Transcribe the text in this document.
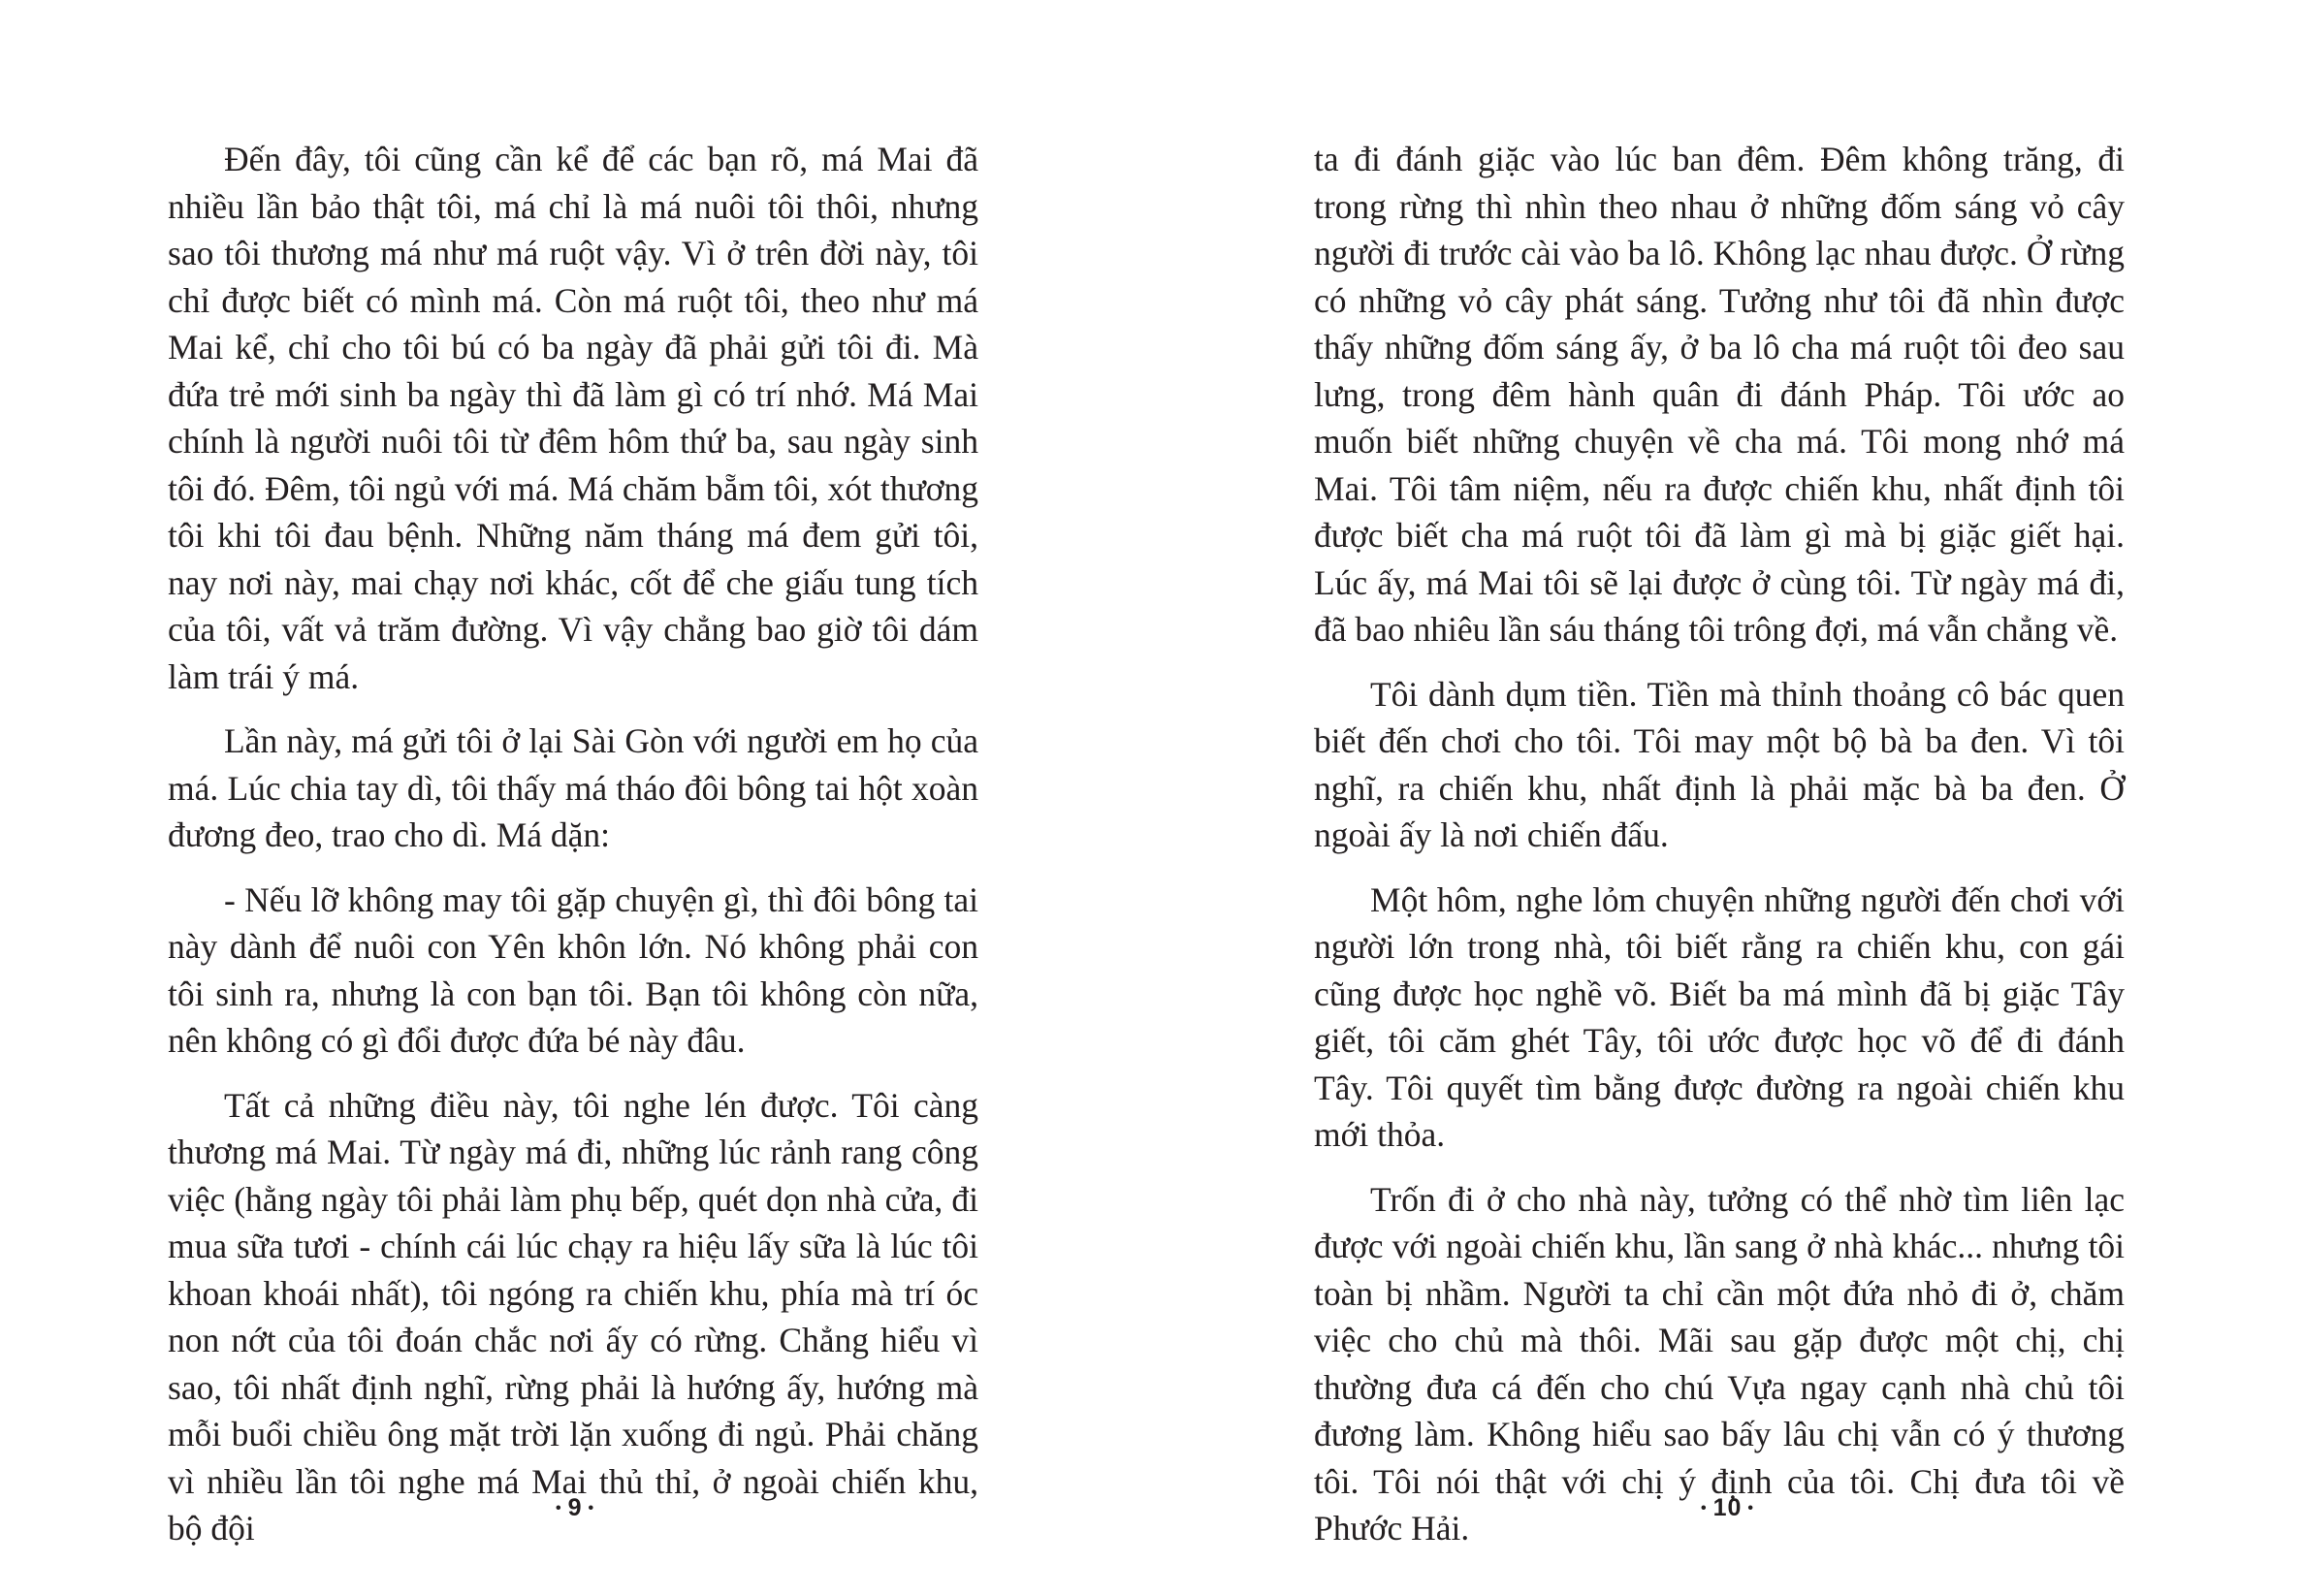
Đến đây, tôi cũng cần kể để các bạn rõ, má Mai đã nhiều lần bảo thật tôi, má chỉ là má nuôi tôi thôi, nhưng sao tôi thương má như má ruột vậy. Vì ở trên đời này, tôi chỉ được biết có mình má. Còn má ruột tôi, theo như má Mai kể, chỉ cho tôi bú có ba ngày đã phải gửi tôi đi. Mà đứa trẻ mới sinh ba ngày thì đã làm gì có trí nhớ. Má Mai chính là người nuôi tôi từ đêm hôm thứ ba, sau ngày sinh tôi đó. Đêm, tôi ngủ với má. Má chăm bẵm tôi, xót thương tôi khi tôi đau bệnh. Những năm tháng má đem gửi tôi, nay nơi này, mai chạy nơi khác, cốt để che giấu tung tích của tôi, vất vả trăm đường. Vì vậy chẳng bao giờ tôi dám làm trái ý má.

Lần này, má gửi tôi ở lại Sài Gòn với người em họ của má. Lúc chia tay dì, tôi thấy má tháo đôi bông tai hột xoàn đương đeo, trao cho dì. Má dặn:

- Nếu lỡ không may tôi gặp chuyện gì, thì đôi bông tai này dành để nuôi con Yên khôn lớn. Nó không phải con tôi sinh ra, nhưng là con bạn tôi. Bạn tôi không còn nữa, nên không có gì đổi được đứa bé này đâu.

Tất cả những điều này, tôi nghe lén được. Tôi càng thương má Mai. Từ ngày má đi, những lúc rảnh rang công việc (hằng ngày tôi phải làm phụ bếp, quét dọn nhà cửa, đi mua sữa tươi - chính cái lúc chạy ra hiệu lấy sữa là lúc tôi khoan khoái nhất), tôi ngóng ra chiến khu, phía mà trí óc non nớt của tôi đoán chắc nơi ấy có rừng. Chẳng hiểu vì sao, tôi nhất định nghĩ, rừng phải là hướng ấy, hướng mà mỗi buổi chiều ông mặt trời lặn xuống đi ngủ. Phải chăng vì nhiều lần tôi nghe má Mai thủ thỉ, ở ngoài chiến khu, bộ đội

• 9 •

ta đi đánh giặc vào lúc ban đêm. Đêm không trăng, đi trong rừng thì nhìn theo nhau ở những đốm sáng vỏ cây người đi trước cài vào ba lô. Không lạc nhau được. Ở rừng có những vỏ cây phát sáng. Tưởng như tôi đã nhìn được thấy những đốm sáng ấy, ở ba lô cha má ruột tôi đeo sau lưng, trong đêm hành quân đi đánh Pháp. Tôi ước ao muốn biết những chuyện về cha má. Tôi mong nhớ má Mai. Tôi tâm niệm, nếu ra được chiến khu, nhất định tôi được biết cha má ruột tôi đã làm gì mà bị giặc giết hại. Lúc ấy, má Mai tôi sẽ lại được ở cùng tôi. Từ ngày má đi, đã bao nhiêu lần sáu tháng tôi trông đợi, má vẫn chẳng về.

Tôi dành dụm tiền. Tiền mà thỉnh thoảng cô bác quen biết đến chơi cho tôi. Tôi may một bộ bà ba đen. Vì tôi nghĩ, ra chiến khu, nhất định là phải mặc bà ba đen. Ở ngoài ấy là nơi chiến đấu.

Một hôm, nghe lỏm chuyện những người đến chơi với người lớn trong nhà, tôi biết rằng ra chiến khu, con gái cũng được học nghề võ. Biết ba má mình đã bị giặc Tây giết, tôi căm ghét Tây, tôi ước được học võ để đi đánh Tây. Tôi quyết tìm bằng được đường ra ngoài chiến khu mới thỏa.

Trốn đi ở cho nhà này, tưởng có thể nhờ tìm liên lạc được với ngoài chiến khu, lần sang ở nhà khác... nhưng tôi toàn bị nhầm. Người ta chỉ cần một đứa nhỏ đi ở, chăm việc cho chủ mà thôi. Mãi sau gặp được một chị, chị thường đưa cá đến cho chú Vựa ngay cạnh nhà chủ tôi đương làm. Không hiểu sao bấy lâu chị vẫn có ý thương tôi. Tôi nói thật với chị ý định của tôi. Chị đưa tôi về Phước Hải.

• 10 •
